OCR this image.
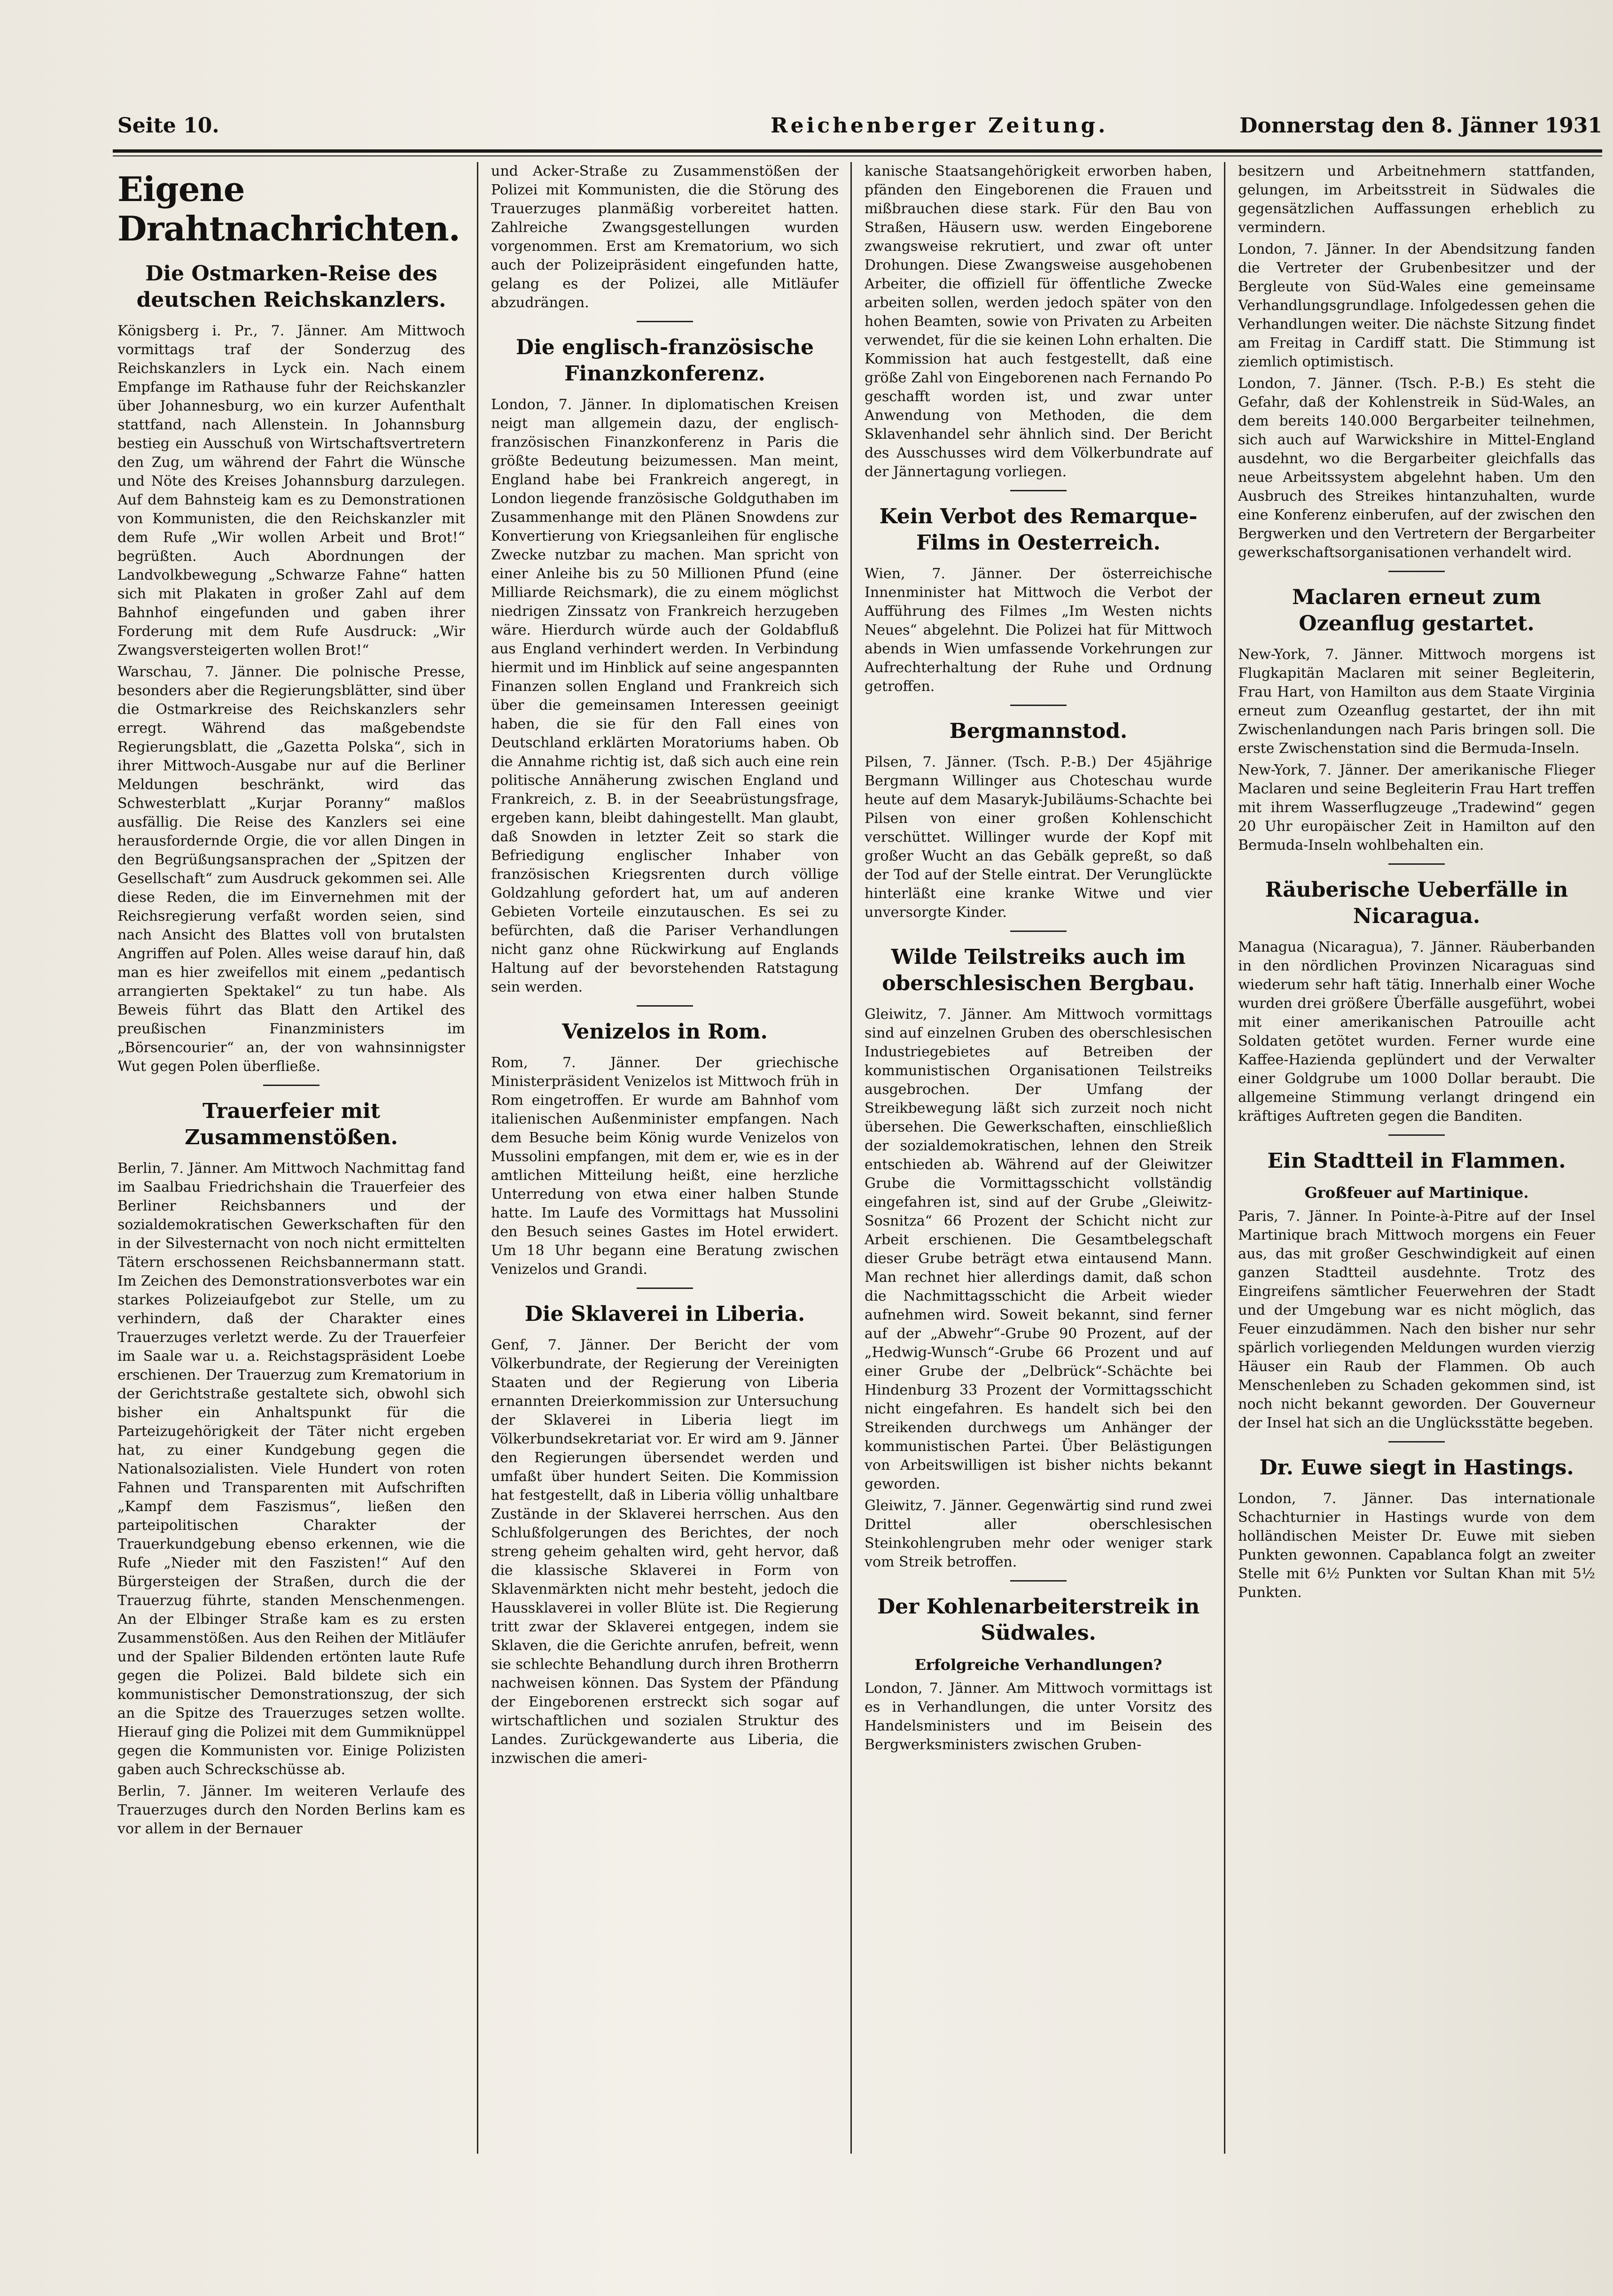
Seite 10.	Reichenberger Zeitung.	Donnerstag den 8. Jänner 1931
Eigene Drahtnachrichten.
Die Ostmarken-Reise des deutschen Reichskanzlers.

Königsberg i. Pr., 7. Jänner. Am Mittwoch vormittags traf der Sonderzug des Reichskanzlers in Lyck ein. Nach einem Empfange im Rathause fuhr der Reichskanzler über Johannesburg, wo ein kurzer Aufenthalt stattfand, nach Allenstein. In Johannsburg bestieg ein Ausschuß von Wirtschaftsvertretern den Zug, um während der Fahrt die Wünsche und Nöte des Kreises Johannsburg darzulegen. Auf dem Bahnsteig kam es zu Demonstrationen von Kommunisten, die den Reichskanzler mit dem Rufe „Wir wollen Arbeit und Brot!“ begrüßten. Auch Abordnungen der Landvolkbewegung „Schwarze Fahne“ hatten sich mit Plakaten in großer Zahl auf dem Bahnhof eingefunden und gaben ihrer Forderung mit dem Rufe Ausdruck: „Wir Zwangsversteigerten wollen Brot!“

Warschau, 7. Jänner. Die polnische Presse, besonders aber die Regierungsblätter, sind über die Ostmarkreise des Reichskanzlers sehr erregt. Während das maßgebendste Regierungsblatt, die „Gazetta Polska“, sich in ihrer Mittwoch-Ausgabe nur auf die Berliner Meldungen beschränkt, wird das Schwesterblatt „Kurjar Poranny“ maßlos ausfällig. Die Reise des Kanzlers sei eine herausfordernde Orgie, die vor allen Dingen in den Begrüßungsansprachen der „Spitzen der Gesellschaft“ zum Ausdruck gekommen sei. Alle diese Reden, die im Einvernehmen mit der Reichsregierung verfaßt worden seien, sind nach Ansicht des Blattes voll von brutalsten Angriffen auf Polen. Alles weise darauf hin, daß man es hier zweifellos mit einem „pedantisch arrangierten Spektakel“ zu tun habe. Als Beweis führt das Blatt den Artikel des preußischen Finanzministers im „Börsencourier“ an, der von wahnsinnigster Wut gegen Polen überfließe.

Trauerfeier mit Zusammenstößen.

Berlin, 7. Jänner. Am Mittwoch Nachmittag fand im Saalbau Friedrichshain die Trauerfeier des Berliner Reichsbanners und der sozialdemokratischen Gewerkschaften für den in der Silvesternacht von noch nicht ermittelten Tätern erschossenen Reichsbannermann statt. Im Zeichen des Demonstrationsverbotes war ein starkes Polizeiaufgebot zur Stelle, um zu verhindern, daß der Charakter eines Trauerzuges verletzt werde. Zu der Trauerfeier im Saale war u. a. Reichstagspräsident Loebe erschienen. Der Trauerzug zum Krematorium in der Gerichtstraße gestaltete sich, obwohl sich bisher ein Anhaltspunkt für die Parteizugehörigkeit der Täter nicht ergeben hat, zu einer Kundgebung gegen die Nationalsozialisten. Viele Hundert von roten Fahnen und Transparenten mit Aufschriften „Kampf dem Faszismus“, ließen den parteipolitischen Charakter der Trauerkundgebung ebenso erkennen, wie die Rufe „Nieder mit den Faszisten!“ Auf den Bürgersteigen der Straßen, durch die der Trauerzug führte, standen Menschenmengen. An der Elbinger Straße kam es zu ersten Zusammenstößen. Aus den Reihen der Mitläufer und der Spalier Bildenden ertönten laute Rufe gegen die Polizei. Bald bildete sich ein kommunistischer Demonstrationszug, der sich an die Spitze des Trauerzuges setzen wollte. Hierauf ging die Polizei mit dem Gummiknüppel gegen die Kommunisten vor. Einige Polizisten gaben auch Schreckschüsse ab.

Berlin, 7. Jänner. Im weiteren Verlaufe des Trauerzuges durch den Norden Berlins kam es vor allem in der Bernauer

und Acker-Straße zu Zusammenstößen der Polizei mit Kommunisten, die die Störung des Trauerzuges planmäßig vorbereitet hatten. Zahlreiche Zwangsgestellungen wurden vorgenommen. Erst am Krematorium, wo sich auch der Polizeipräsident eingefunden hatte, gelang es der Polizei, alle Mitläufer abzudrängen.

Die englisch-französische Finanzkonferenz.

London, 7. Jänner. In diplomatischen Kreisen neigt man allgemein dazu, der englisch-französischen Finanzkonferenz in Paris die größte Bedeutung beizumessen. Man meint, England habe bei Frankreich angeregt, in London liegende französische Goldguthaben im Zusammenhange mit den Plänen Snowdens zur Konvertierung von Kriegsanleihen für englische Zwecke nutzbar zu machen. Man spricht von einer Anleihe bis zu 50 Millionen Pfund (eine Milliarde Reichsmark), die zu einem möglichst niedrigen Zinssatz von Frankreich herzugeben wäre. Hierdurch würde auch der Goldabfluß aus England verhindert werden. In Verbindung hiermit und im Hinblick auf seine angespannten Finanzen sollen England und Frankreich sich über die gemeinsamen Interessen geeinigt haben, die sie für den Fall eines von Deutschland erklärten Moratoriums haben. Ob die Annahme richtig ist, daß sich auch eine rein politische Annäherung zwischen England und Frankreich, z. B. in der Seeabrüstungsfrage, ergeben kann, bleibt dahingestellt. Man glaubt, daß Snowden in letzter Zeit so stark die Befriedigung englischer Inhaber von französischen Kriegsrenten durch völlige Goldzahlung gefordert hat, um auf anderen Gebieten Vorteile einzutauschen. Es sei zu befürchten, daß die Pariser Verhandlungen nicht ganz ohne Rückwirkung auf Englands Haltung auf der bevorstehenden Ratstagung sein werden.

Venizelos in Rom.

Rom, 7. Jänner. Der griechische Ministerpräsident Venizelos ist Mittwoch früh in Rom eingetroffen. Er wurde am Bahnhof vom italienischen Außenminister empfangen. Nach dem Besuche beim König wurde Venizelos von Mussolini empfangen, mit dem er, wie es in der amtlichen Mitteilung heißt, eine herzliche Unterredung von etwa einer halben Stunde hatte. Im Laufe des Vormittags hat Mussolini den Besuch seines Gastes im Hotel erwidert. Um 18 Uhr begann eine Beratung zwischen Venizelos und Grandi.

Die Sklaverei in Liberia.

Genf, 7. Jänner. Der Bericht der vom Völkerbundrate, der Regierung der Vereinigten Staaten und der Regierung von Liberia ernannten Dreierkommission zur Untersuchung der Sklaverei in Liberia liegt im Völkerbundsekretariat vor. Er wird am 9. Jänner den Regierungen übersendet werden und umfaßt über hundert Seiten. Die Kommission hat festgestellt, daß in Liberia völlig unhaltbare Zustände in der Sklaverei herrschen. Aus den Schlußfolgerungen des Berichtes, der noch streng geheim gehalten wird, geht hervor, daß die klassische Sklaverei in Form von Sklavenmärkten nicht mehr besteht, jedoch die Haussklaverei in voller Blüte ist. Die Regierung tritt zwar der Sklaverei entgegen, indem sie Sklaven, die die Gerichte anrufen, befreit, wenn sie schlechte Behandlung durch ihren Brotherrn nachweisen können. Das System der Pfändung der Eingeborenen erstreckt sich sogar auf wirtschaftlichen und sozialen Struktur des Landes. Zurückgewanderte aus Liberia, die inzwischen die ameri-

kanische Staatsangehörigkeit erworben haben, pfänden den Eingeborenen die Frauen und mißbrauchen diese stark. Für den Bau von Straßen, Häusern usw. werden Eingeborene zwangsweise rekrutiert, und zwar oft unter Drohungen. Diese Zwangsweise ausgehobenen Arbeiter, die offiziell für öffentliche Zwecke arbeiten sollen, werden jedoch später von den hohen Beamten, sowie von Privaten zu Arbeiten verwendet, für die sie keinen Lohn erhalten. Die Kommission hat auch festgestellt, daß eine größe Zahl von Eingeborenen nach Fernando Po geschafft worden ist, und zwar unter Anwendung von Methoden, die dem Sklavenhandel sehr ähnlich sind. Der Bericht des Ausschusses wird dem Völkerbundrate auf der Jännertagung vorliegen.

Kein Verbot des Remarque-Films in Oesterreich.

Wien, 7. Jänner. Der österreichische Innenminister hat Mittwoch die Verbot der Aufführung des Filmes „Im Westen nichts Neues“ abgelehnt. Die Polizei hat für Mittwoch abends in Wien umfassende Vorkehrungen zur Aufrechterhaltung der Ruhe und Ordnung getroffen.

Bergmannstod.

Pilsen, 7. Jänner. (Tsch. P.-B.) Der 45jährige Bergmann Willinger aus Choteschau wurde heute auf dem Masaryk-Jubiläums-Schachte bei Pilsen von einer großen Kohlenschicht verschüttet. Willinger wurde der Kopf mit großer Wucht an das Gebälk gepreßt, so daß der Tod auf der Stelle eintrat. Der Verunglückte hinterläßt eine kranke Witwe und vier unversorgte Kinder.

Wilde Teilstreiks auch im oberschlesischen Bergbau.

Gleiwitz, 7. Jänner. Am Mittwoch vormittags sind auf einzelnen Gruben des oberschlesischen Industriegebietes auf Betreiben der kommunistischen Organisationen Teilstreiks ausgebrochen. Der Umfang der Streikbewegung läßt sich zurzeit noch nicht übersehen. Die Gewerkschaften, einschließlich der sozialdemokratischen, lehnen den Streik entschieden ab. Während auf der Gleiwitzer Grube die Vormittagsschicht vollständig eingefahren ist, sind auf der Grube „Gleiwitz-Sosnitza“ 66 Prozent der Schicht nicht zur Arbeit erschienen. Die Gesamtbelegschaft dieser Grube beträgt etwa eintausend Mann. Man rechnet hier allerdings damit, daß schon die Nachmittagsschicht die Arbeit wieder aufnehmen wird. Soweit bekannt, sind ferner auf der „Abwehr“-Grube 90 Prozent, auf der „Hedwig-Wunsch“-Grube 66 Prozent und auf einer Grube der „Delbrück“-Schächte bei Hindenburg 33 Prozent der Vormittagsschicht nicht eingefahren. Es handelt sich bei den Streikenden durchwegs um Anhänger der kommunistischen Partei. Über Belästigungen von Arbeitswilligen ist bisher nichts bekannt geworden.

Gleiwitz, 7. Jänner. Gegenwärtig sind rund zwei Drittel aller oberschlesischen Steinkohlengruben mehr oder weniger stark vom Streik betroffen.

Der Kohlenarbeiterstreik in Südwales.
Erfolgreiche Verhandlungen?

London, 7. Jänner. Am Mittwoch vormittags ist es in Verhandlungen, die unter Vorsitz des Handelsministers und im Beisein des Bergwerksministers zwischen Gruben-

besitzern und Arbeitnehmern stattfanden, gelungen, im Arbeitsstreit in Südwales die gegensätzlichen Auffassungen erheblich zu vermindern.

London, 7. Jänner. In der Abendsitzung fanden die Vertreter der Grubenbesitzer und der Bergleute von Süd-Wales eine gemeinsame Verhandlungsgrundlage. Infolgedessen gehen die Verhandlungen weiter. Die nächste Sitzung findet am Freitag in Cardiff statt. Die Stimmung ist ziemlich optimistisch.

London, 7. Jänner. (Tsch. P.-B.) Es steht die Gefahr, daß der Kohlenstreik in Süd-Wales, an dem bereits 140.000 Bergarbeiter teilnehmen, sich auch auf Warwickshire in Mittel-England ausdehnt, wo die Bergarbeiter gleichfalls das neue Arbeitssystem abgelehnt haben. Um den Ausbruch des Streikes hintanzuhalten, wurde eine Konferenz einberufen, auf der zwischen den Bergwerken und den Vertretern der Bergarbeiter gewerkschaftsorganisationen verhandelt wird.

Maclaren erneut zum Ozeanflug gestartet.

New-York, 7. Jänner. Mittwoch morgens ist Flugkapitän Maclaren mit seiner Begleiterin, Frau Hart, von Hamilton aus dem Staate Virginia erneut zum Ozeanflug gestartet, der ihn mit Zwischenlandungen nach Paris bringen soll. Die erste Zwischenstation sind die Bermuda-Inseln.

New-York, 7. Jänner. Der amerikanische Flieger Maclaren und seine Begleiterin Frau Hart treffen mit ihrem Wasserflugzeuge „Tradewind“ gegen 20 Uhr europäischer Zeit in Hamilton auf den Bermuda-Inseln wohlbehalten ein.

Räuberische Ueberfälle in Nicaragua.

Managua (Nicaragua), 7. Jänner. Räuberbanden in den nördlichen Provinzen Nicaraguas sind wiederum sehr haft tätig. Innerhalb einer Woche wurden drei größere Überfälle ausgeführt, wobei mit einer amerikanischen Patrouille acht Soldaten getötet wurden. Ferner wurde eine Kaffee-Hazienda geplündert und der Verwalter einer Goldgrube um 1000 Dollar beraubt. Die allgemeine Stimmung verlangt dringend ein kräftiges Auftreten gegen die Banditen.

Ein Stadtteil in Flammen.
Großfeuer auf Martinique.

Paris, 7. Jänner. In Pointe-à-Pitre auf der Insel Martinique brach Mittwoch morgens ein Feuer aus, das mit großer Geschwindigkeit auf einen ganzen Stadtteil ausdehnte. Trotz des Eingreifens sämtlicher Feuerwehren der Stadt und der Umgebung war es nicht möglich, das Feuer einzudämmen. Nach den bisher nur sehr spärlich vorliegenden Meldungen wurden vierzig Häuser ein Raub der Flammen. Ob auch Menschenleben zu Schaden gekommen sind, ist noch nicht bekannt geworden. Der Gouverneur der Insel hat sich an die Unglücksstätte begeben.

Dr. Euwe siegt in Hastings.

London, 7. Jänner. Das internationale Schachturnier in Hastings wurde von dem holländischen Meister Dr. Euwe mit sieben Punkten gewonnen. Capablanca folgt an zweiter Stelle mit 6½ Punkten vor Sultan Khan mit 5½ Punkten.
